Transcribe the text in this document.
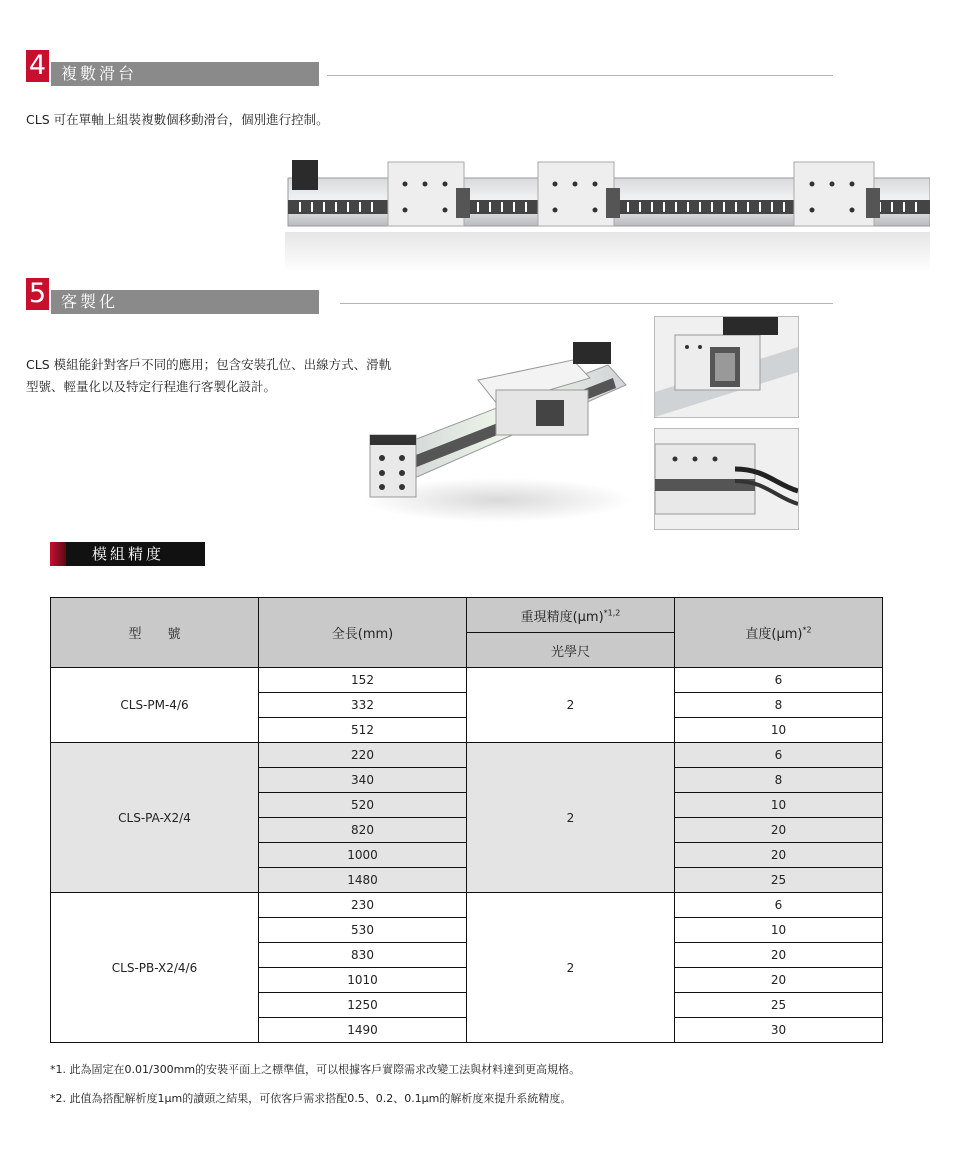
4 複數滑台
CLS 可在單軸上組裝複數個移動滑台，個別進行控制。
5 客製化
CLS 模組能針對客戶不同的應用；包含安裝孔位、出線方式、滑軌
型號、輕量化以及特定行程進行客製化設計。
模組精度
型　　號	全長(mm)	重現精度$(\mu m)^{*1,2}$	直度$(\mu m)^{*2}$
		光學尺	
CLS-PM-4/6	152	2	6
	332		8
	512		10
CLS-PA-X2/4	220	2	6
	340		8
	520		10
	820		20
	1000		20
	1480		25
CLS-PB-X2/4/6	230	2	6
	530		10
	830		20
	1010		20
	1250		25
	1490		30
*1. 此為固定在0.01/300mm的安裝平面上之標準值，可以根據客戶實際需求改變工法與材料達到更高規格。
*2. 此值為搭配解析度1μm的讀頭之結果，可依客戶需求搭配0.5、0.2、0.1μm的解析度來提升系統精度。
